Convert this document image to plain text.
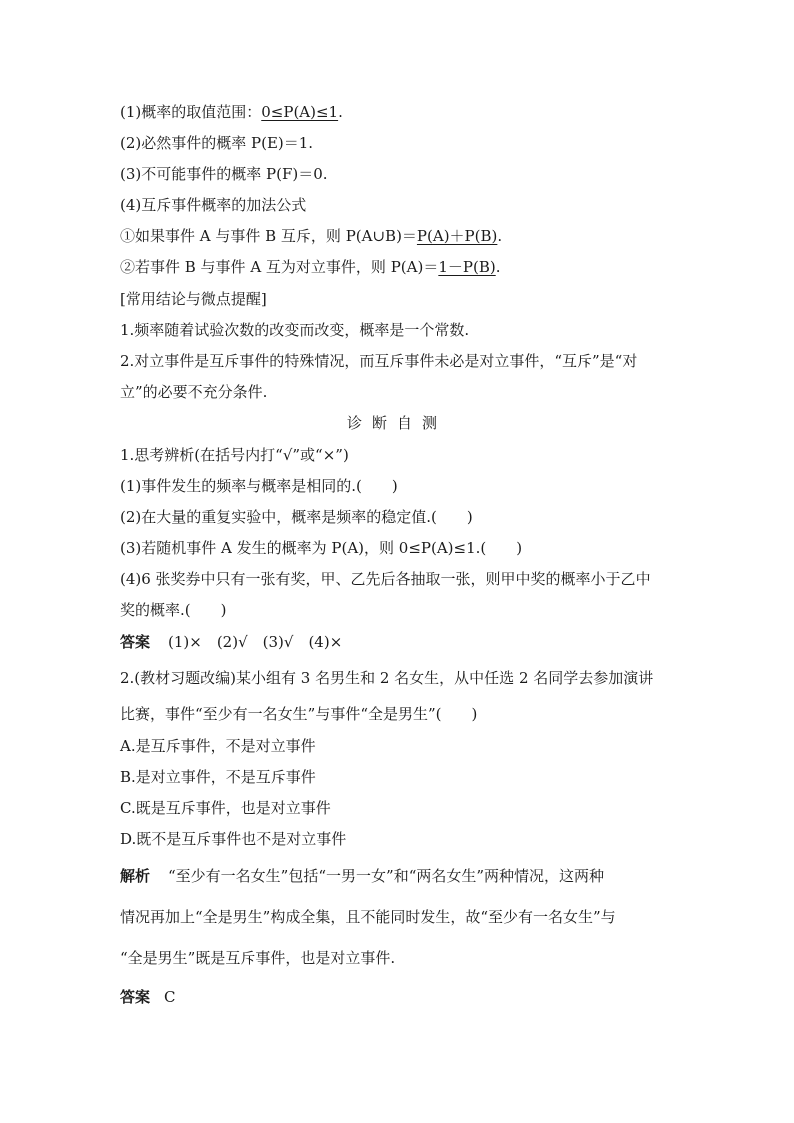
(1)概率的取值范围：0≤P(A)≤1.
(2)必然事件的概率 P(E)＝1.
(3)不可能事件的概率 P(F)＝0.
(4)互斥事件概率的加法公式
①如果事件 A 与事件 B 互斥，则 P(A∪B)＝P(A)＋P(B).
②若事件 B 与事件 A 互为对立事件，则 P(A)＝1－P(B).
[常用结论与微点提醒]
1.频率随着试验次数的改变而改变，概率是一个常数.
2.对立事件是互斥事件的特殊情况，而互斥事件未必是对立事件，“互斥”是“对
立”的必要不充分条件.
诊断自测
1.思考辨析(在括号内打“√”或“×”)
(1)事件发生的频率与概率是相同的.(　　)
(2)在大量的重复实验中，概率是频率的稳定值.(　　)
(3)若随机事件 A 发生的概率为 P(A)，则 0≤P(A)≤1.(　　)
(4)6 张奖券中只有一张有奖，甲、乙先后各抽取一张，则甲中奖的概率小于乙中
奖的概率.(　　)
答案 (1)×　(2)√　(3)√　(4)×
2.(教材习题改编)某小组有 3 名男生和 2 名女生，从中任选 2 名同学去参加演讲
比赛，事件“至少有一名女生”与事件“全是男生”(　　)
A.是互斥事件，不是对立事件
B.是对立事件，不是互斥事件
C.既是互斥事件，也是对立事件
D.既不是互斥事件也不是对立事件
解析 “至少有一名女生”包括“一男一女”和“两名女生”两种情况，这两种
情况再加上“全是男生”构成全集，且不能同时发生，故“至少有一名女生”与
“全是男生”既是互斥事件，也是对立事件.
答案 C
